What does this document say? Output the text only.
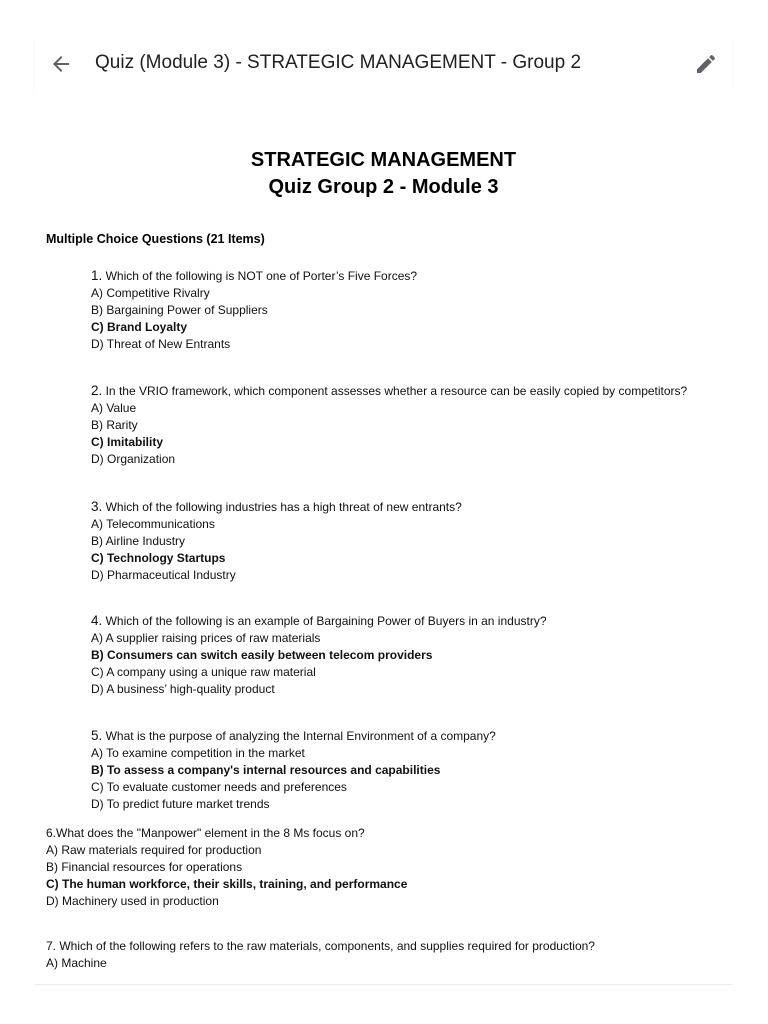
Quiz (Module 3) - STRATEGIC MANAGEMENT - Group 2
STRATEGIC MANAGEMENT
Quiz Group 2 - Module 3
Multiple Choice Questions (21 Items)
1. Which of the following is NOT one of Porter’s Five Forces?
A) Competitive Rivalry
B) Bargaining Power of Suppliers
C) Brand Loyalty
D) Threat of New Entrants
2. In the VRIO framework, which component assesses whether a resource can be easily copied by competitors?
A) Value
B) Rarity
C) Imitability
D) Organization
3. Which of the following industries has a high threat of new entrants?
A) Telecommunications
B) Airline Industry
C) Technology Startups
D) Pharmaceutical Industry
4. Which of the following is an example of Bargaining Power of Buyers in an industry?
A) A supplier raising prices of raw materials
B) Consumers can switch easily between telecom providers
C) A company using a unique raw material
D) A business’ high-quality product
5. What is the purpose of analyzing the Internal Environment of a company?
A) To examine competition in the market
B) To assess a company's internal resources and capabilities
C) To evaluate customer needs and preferences
D) To predict future market trends
6.What does the "Manpower" element in the 8 Ms focus on?
A) Raw materials required for production
B) Financial resources for operations
C) The human workforce, their skills, training, and performance
D) Machinery used in production
7. Which of the following refers to the raw materials, components, and supplies required for production?
A) Machine
